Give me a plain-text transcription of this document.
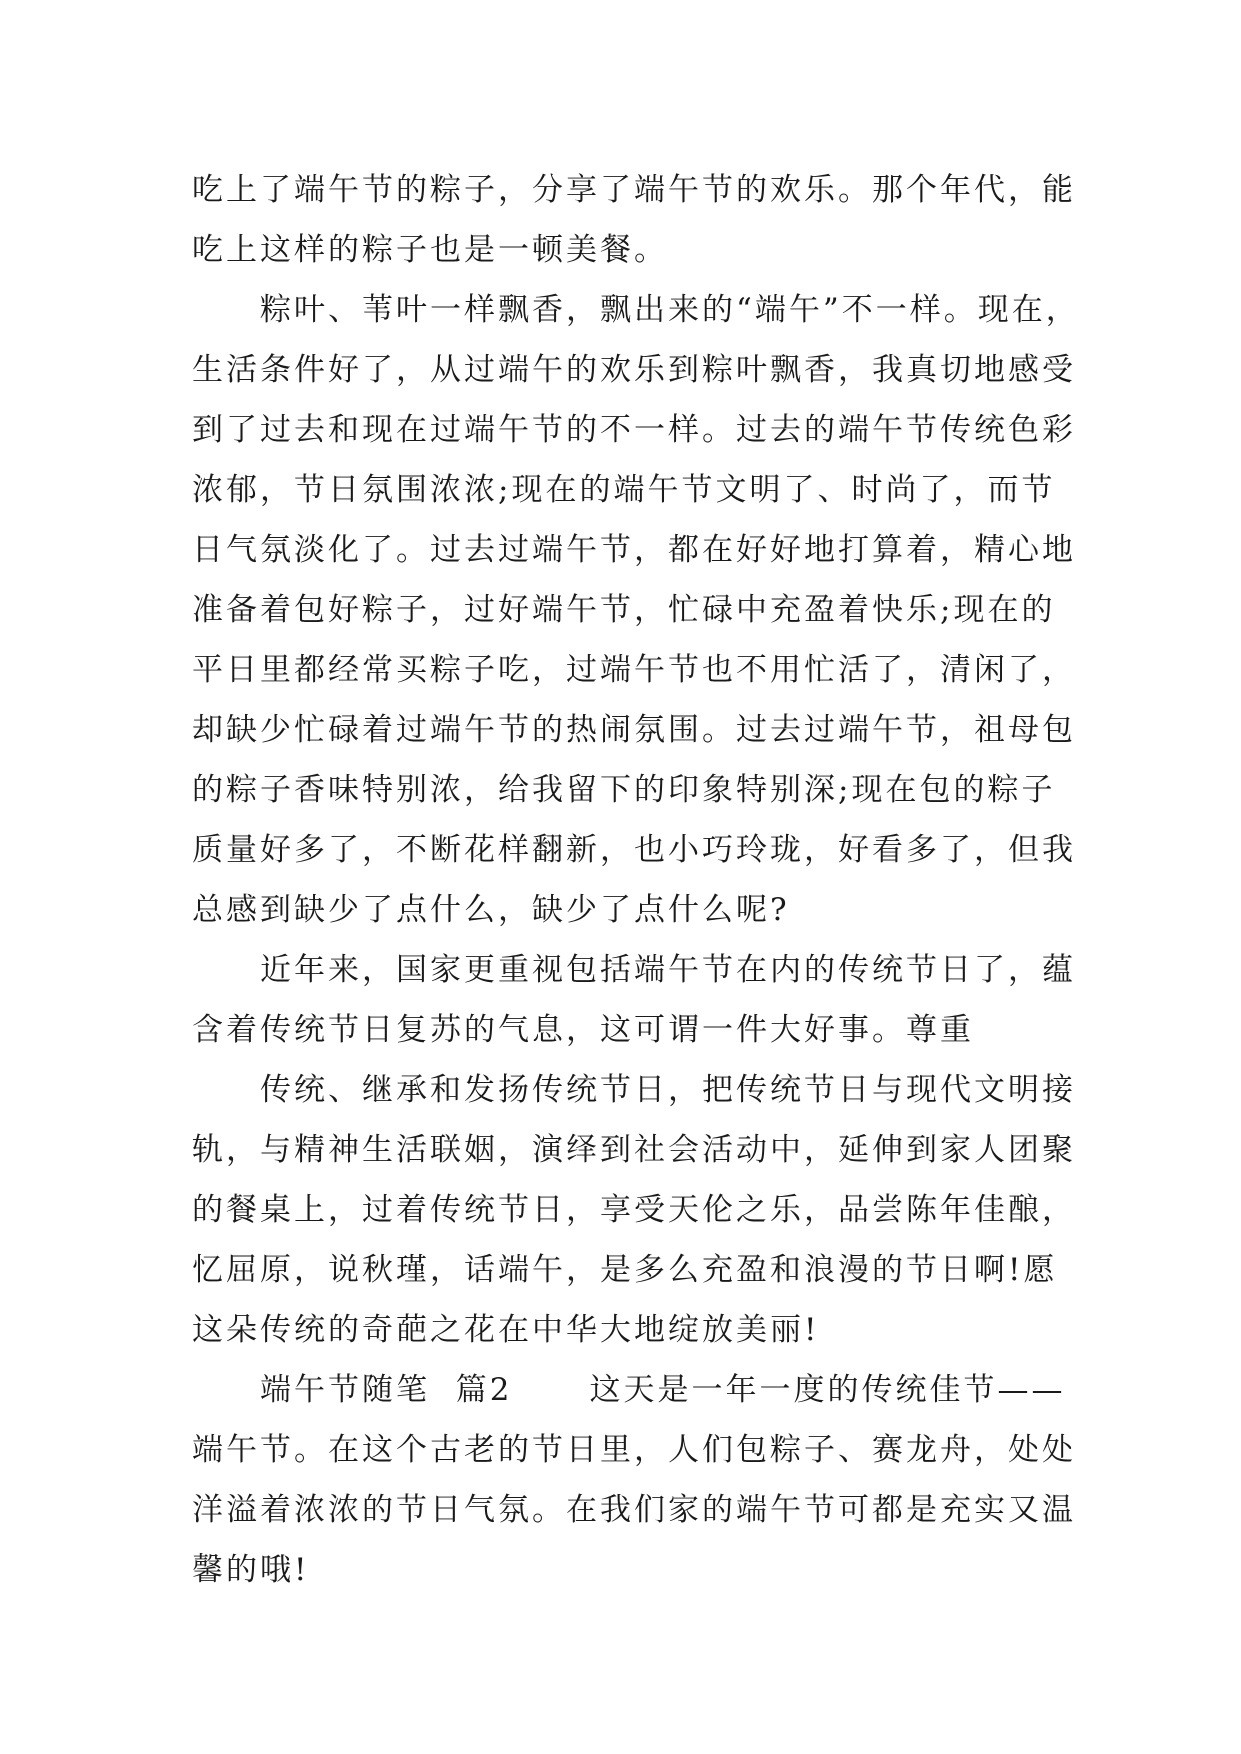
吃上了端午节的粽子，分享了端午节的欢乐。那个年代，能
吃上这样的粽子也是一顿美餐。
粽叶、苇叶一样飘香，飘出来的“端午”不一样。现在，
生活条件好了，从过端午的欢乐到粽叶飘香，我真切地感受
到了过去和现在过端午节的不一样。过去的端午节传统色彩
浓郁，节日氛围浓浓;现在的端午节文明了、时尚了，而节
日气氛淡化了。过去过端午节，都在好好地打算着，精心地
准备着包好粽子，过好端午节，忙碌中充盈着快乐;现在的
平日里都经常买粽子吃，过端午节也不用忙活了，清闲了，
却缺少忙碌着过端午节的热闹氛围。过去过端午节，祖母包
的粽子香味特别浓，给我留下的印象特别深;现在包的粽子
质量好多了，不断花样翻新，也小巧玲珑，好看多了，但我
总感到缺少了点什么，缺少了点什么呢?
近年来，国家更重视包括端午节在内的传统节日了，蕴
含着传统节日复苏的气息，这可谓一件大好事。尊重
传统、继承和发扬传统节日，把传统节日与现代文明接
轨，与精神生活联姻，演绎到社会活动中，延伸到家人团聚
的餐桌上，过着传统节日，享受天伦之乐，品尝陈年佳酿，
忆屈原，说秋瑾，话端午，是多么充盈和浪漫的节日啊!愿
这朵传统的奇葩之花在中华大地绽放美丽!
端午节随笔  篇2      这天是一年一度的传统佳节——
端午节。在这个古老的节日里，人们包粽子、赛龙舟，处处
洋溢着浓浓的节日气氛。在我们家的端午节可都是充实又温
馨的哦!
